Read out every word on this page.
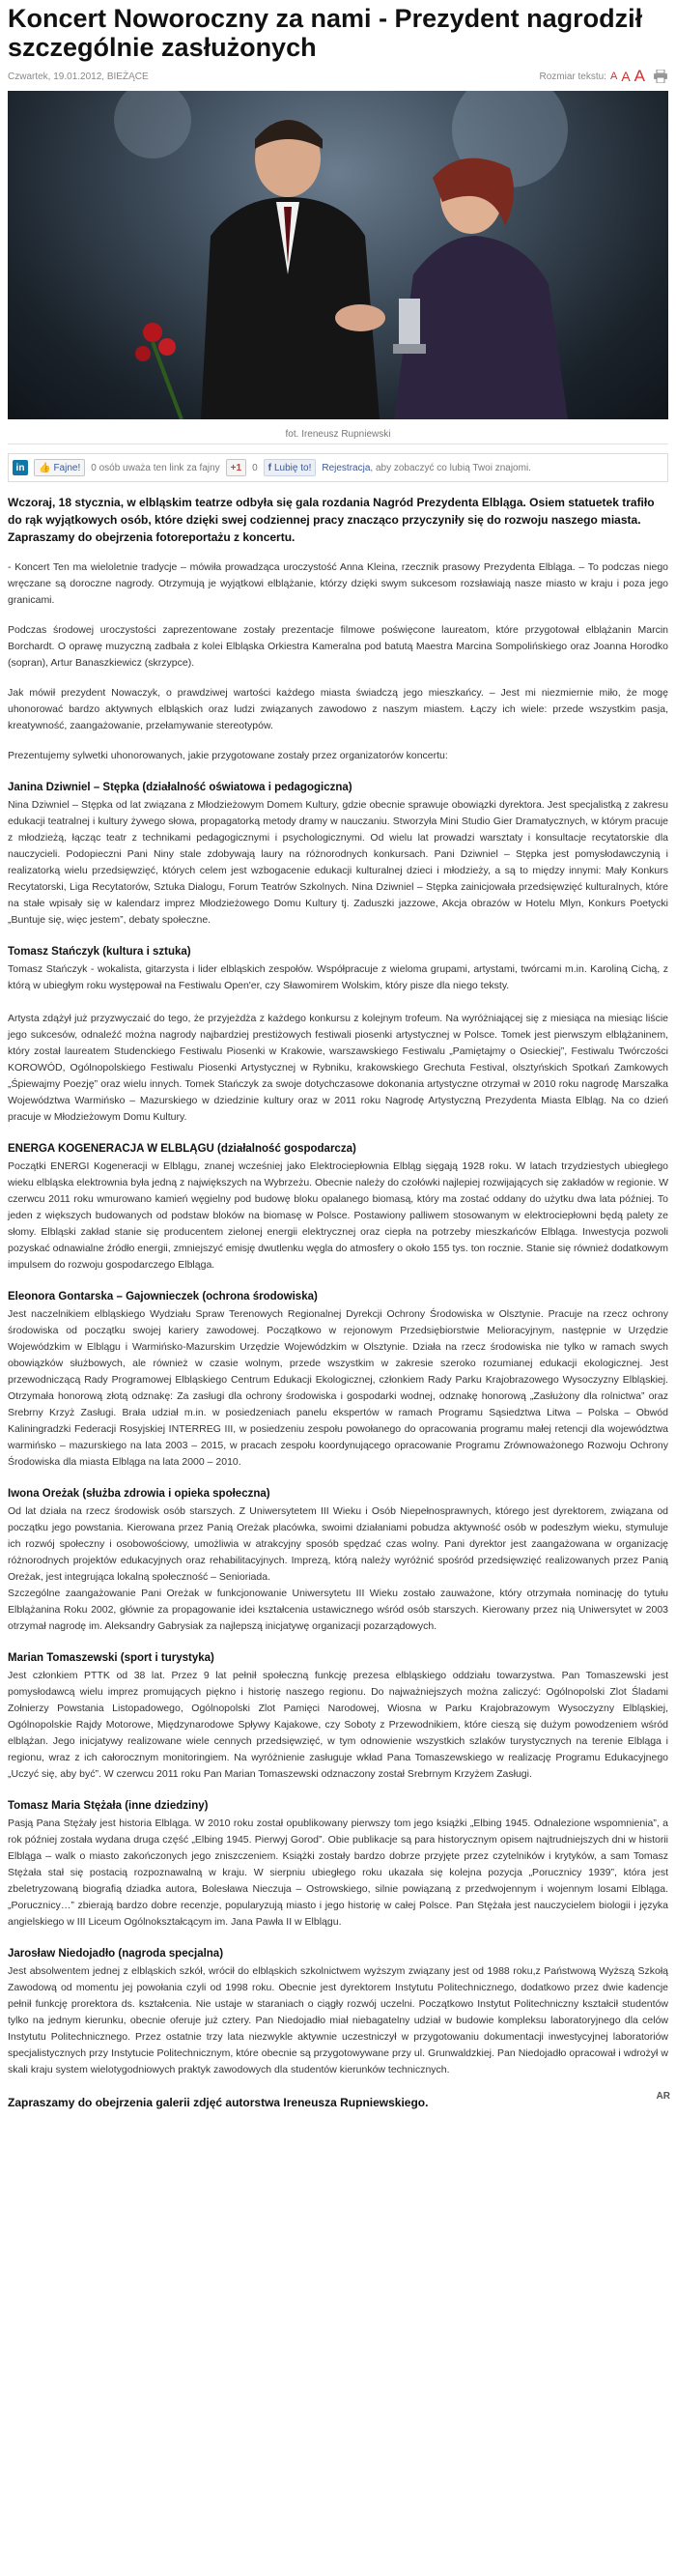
Koncert Noworoczny za nami - Prezydent nagrodził szczególnie zasłużonych
Czwartek, 19.01.2012, BIEŻĄCE	Rozmiar tekstu: A A A
fot. Ireneusz Rupniewski
in	👍 Fajne! 0 osób uważa ten link za fajny	+1	0 f Lubię to! Rejestracja , aby zobaczyć co lubią Twoi znajomi.
Wczoraj, 18 stycznia, w elbląskim teatrze odbyła się gala rozdania Nagród Prezydenta Elbląga. Osiem statuetek trafiło do rąk wyjątkowych osób, które dzięki swej codziennej pracy znacząco przyczyniły się do rozwoju naszego miasta. Zapraszamy do obejrzenia fotoreportażu z koncertu.

- Koncert Ten ma wieloletnie tradycje – mówiła prowadząca uroczystość Anna Kleina, rzecznik prasowy Prezydenta Elbląga. – To podczas niego wręczane są doroczne nagrody. Otrzymują je wyjątkowi elblążanie, którzy dzięki swym sukcesom rozsławiają nasze miasto w kraju i poza jego granicami.

Podczas środowej uroczystości zaprezentowane zostały prezentacje filmowe poświęcone laureatom, które przygotował elblążanin Marcin Borchardt. O oprawę muzyczną zadbała z kolei Elbląska Orkiestra Kameralna pod batutą Maestra Marcina Sompolińskiego oraz Joanna Horodko (sopran), Artur Banaszkiewicz (skrzypce).

Jak mówił prezydent Nowaczyk, o prawdziwej wartości każdego miasta świadczą jego mieszkańcy. – Jest mi niezmiernie miło, że mogę uhonorować bardzo aktywnych elbląskich oraz ludzi związanych zawodowo z naszym miastem. Łączy ich wiele: przede wszystkim pasja, kreatywność, zaangażowanie, przełamywanie stereotypów.

Prezentujemy sylwetki uhonorowanych, jakie przygotowane zostały przez organizatorów koncertu:

Janina Dziwniel – Stępka (działalność oświatowa i pedagogiczna)

Nina Dziwniel – Stępka od lat związana z Młodzieżowym Domem Kultury, gdzie obecnie sprawuje obowiązki dyrektora. Jest specjalistką z zakresu edukacji teatralnej i kultury żywego słowa, propagatorką metody dramy w nauczaniu. Stworzyła Mini Studio Gier Dramatycznych, w którym pracuje z młodzieżą, łącząc teatr z technikami pedagogicznymi i psychologicznymi. Od wielu lat prowadzi warsztaty i konsultacje recytatorskie dla nauczycieli. Podopieczni Pani Niny stale zdobywają laury na różnorodnych konkursach. Pani Dziwniel – Stępka jest pomysłodawczynią i realizatorką wielu przedsięwzięć, których celem jest wzbogacenie edukacji kulturalnej dzieci i młodzieży, a są to między innymi: Mały Konkurs Recytatorski, Liga Recytatorów, Sztuka Dialogu, Forum Teatrów Szkolnych. Nina Dziwniel – Stępka zainicjowała przedsięwzięć kulturalnych, które na stałe wpisały się w kalendarz imprez Młodzieżowego Domu Kultury tj. Zaduszki jazzowe, Akcja obrazów w Hotelu Mlyn, Konkurs Poetycki „Buntuje się, więc jestem”, debaty społeczne.

Tomasz Stańczyk (kultura i sztuka)

Tomasz Stańczyk - wokalista, gitarzysta i lider elbląskich zespołów. Współpracuje z wieloma grupami, artystami, twórcami m.in. Karoliną Cichą, z którą w ubiegłym roku występował na Festiwalu Open'er, czy Sławomirem Wolskim, który pisze dla niego teksty.

Artysta zdążył już przyzwyczaić do tego, że przyjeżdża z każdego konkursu z kolejnym trofeum. Na wyróżniającej się z miesiąca na miesiąc liście jego sukcesów, odnaleźć można nagrody najbardziej prestiżowych festiwali piosenki artystycznej w Polsce. Tomek jest pierwszym elblążaninem, który został laureatem Studenckiego Festiwalu Piosenki w Krakowie, warszawskiego Festiwalu „Pamiętajmy o Osieckiej”, Festiwalu Twórczości KOROWÓD, Ogólnopolskiego Festiwalu Piosenki Artystycznej w Rybniku, krakowskiego Grechuta Festival, olsztyńskich Spotkań Zamkowych „Śpiewajmy Poezję” oraz wielu innych. Tomek Stańczyk za swoje dotychczasowe dokonania artystyczne otrzymał w 2010 roku nagrodę Marszałka Województwa Warmińsko – Mazurskiego w dziedzinie kultury oraz w 2011 roku Nagrodę Artystyczną Prezydenta Miasta Elbląg. Na co dzień pracuje w Młodzieżowym Domu Kultury.

ENERGA KOGENERACJA W ELBLĄGU (działalność gospodarcza)

Początki ENERGI Kogeneracji w Elblągu, znanej wcześniej jako Elektrociepłownia Elbląg sięgają 1928 roku. W latach trzydziestych ubiegłego wieku elbląska elektrownia była jedną z największych na Wybrzeżu. Obecnie należy do czołówki najlepiej rozwijających się zakładów w regionie. W czerwcu 2011 roku wmurowano kamień węgielny pod budowę bloku opalanego biomasą, który ma zostać oddany do użytku dwa lata później. To jeden z większych budowanych od podstaw bloków na biomasę w Polsce. Postawiony palliwem stosowanym w elektrociepłowni będą palety ze słomy. Elbląski zakład stanie się producentem zielonej energii elektrycznej oraz ciepła na potrzeby mieszkańców Elbląga. Inwestycja pozwoli pozyskać odnawialne źródło energii, zmniejszyć emisję dwutlenku węgla do atmosfery o około 155 tys. ton rocznie. Stanie się również dodatkowym impulsem do rozwoju gospodarczego Elbląga.

Eleonora Gontarska – Gajownieczek (ochrona środowiska)

Jest naczelnikiem elbląskiego Wydziału Spraw Terenowych Regionalnej Dyrekcji Ochrony Środowiska w Olsztynie. Pracuje na rzecz ochrony środowiska od początku swojej kariery zawodowej. Początkowo w rejonowym Przedsiębiorstwie Melioracyjnym, następnie w Urzędzie Wojewódzkim w Elblągu i Warmińsko-Mazurskim Urzędzie Wojewódzkim w Olsztynie. Działa na rzecz środowiska nie tylko w ramach swych obowiązków służbowych, ale również w czasie wolnym, przede wszystkim w zakresie szeroko rozumianej edukacji ekologicznej. Jest przewodniczącą Rady Programowej Elbląskiego Centrum Edukacji Ekologicznej, członkiem Rady Parku Krajobrazowego Wysoczyzny Elbląskiej. Otrzymała honorową złotą odznakę: Za zasługi dla ochrony środowiska i gospodarki wodnej, odznakę honorową „Zasłużony dla rolnictwa” oraz Srebrny Krzyż Zasługi. Brała udział m.in. w posiedzeniach panelu ekspertów w ramach Programu Sąsiedztwa Litwa – Polska – Obwód Kaliningradzki Federacji Rosyjskiej INTERREG III, w posiedzeniu zespołu powołanego do opracowania programu małej retencji dla województwa warmińsko – mazurskiego na lata 2003 – 2015, w pracach zespołu koordynującego opracowanie Programu Zrównoważonego Rozwoju Ochrony Środowiska dla miasta Elbląga na lata 2000 – 2010.

Iwona Oreżak (służba zdrowia i opieka społeczna)

Od lat działa na rzecz środowisk osób starszych. Z Uniwersytetem III Wieku i Osób Niepełnosprawnych, którego jest dyrektorem, związana od początku jego powstania. Kierowana przez Panią Oreżak placówka, swoimi działaniami pobudza aktywność osób w podeszłym wieku, stymuluje ich rozwój społeczny i osobowościowy, umożliwia w atrakcyjny sposób spędzać czas wolny. Pani dyrektor jest zaangażowana w organizację różnorodnych projektów edukacyjnych oraz rehabilitacyjnych. Imprezą, którą należy wyróżnić spośród przedsięwzięć realizowanych przez Panią Oreżak, jest integrująca lokalną społeczność – Senioriada.
Szczególne zaangażowanie Pani Oreżak w funkcjonowanie Uniwersytetu III Wieku zostało zauważone, który otrzymała nominację do tytułu Elblążanina Roku 2002, głównie za propagowanie idei kształcenia ustawicznego wśród osób starszych. Kierowany przez nią Uniwersytet w 2003 otrzymał nagrodę im. Aleksandry Gabrysiak za najlepszą inicjatywę organizacji pozarządowych.

Marian Tomaszewski (sport i turystyka)

Jest członkiem PTTK od 38 lat. Przez 9 lat pełnił społeczną funkcję prezesa elbląskiego oddziału towarzystwa. Pan Tomaszewski jest pomysłodawcą wielu imprez promujących piękno i historię naszego regionu. Do najważniejszych można zaliczyć: Ogólnopolski Zlot Śladami Zołnierzy Powstania Listopadowego, Ogólnopolski Zlot Pamięci Narodowej, Wiosna w Parku Krajobrazowym Wysoczyzny Elbląskiej, Ogólnopolskie Rajdy Motorowe, Międzynarodowe Spływy Kajakowe, czy Soboty z Przewodnikiem, które cieszą się dużym powodzeniem wśród elblążan. Jego inicjatywy realizowane wiele cennych przedsięwzięć, w tym odnowienie wszystkich szlaków turystycznych na terenie Elbląga i regionu, wraz z ich całorocznym monitoringiem. Na wyróżnienie zasługuje wkład Pana Tomaszewskiego w realizację Programu Edukacyjnego „Uczyć się, aby być”. W czerwcu 2011 roku Pan Marian Tomaszewski odznaczony został Srebrnym Krzyżem Zasługi.

Tomasz Maria Stężała (inne dziedziny)

Pasją Pana Stężały jest historia Elbląga. W 2010 roku został opublikowany pierwszy tom jego książki „Elbing 1945. Odnalezione wspomnienia”, a rok później została wydana druga część „Elbing 1945. Pierwyj Gorod”. Obie publikacje są para historycznym opisem najtrudniejszych dni w historii Elbląga – walk o miasto zakończonych jego zniszczeniem. Książki zostały bardzo dobrze przyjęte przez czytelników i krytyków, a sam Tomasz Stężała stał się postacią rozpoznawalną w kraju. W sierpniu ubiegłego roku ukazała się kolejna pozycja „Porucznicy 1939”, która jest zbeletryzowaną biografią dziadka autora, Bolesława Nieczuja – Ostrowskiego, silnie powiązaną z przedwojennym i wojennym losami Elbląga. „Porucznicy…” zbierają bardzo dobre recenzje, popularyzują miasto i jego historię w całej Polsce. Pan Stężała jest nauczycielem biologii i języka angielskiego w III Liceum Ogólnokształcącym im. Jana Pawła II w Elblągu.

Jarosław Niedojadło (nagroda specjalna)

Jest absolwentem jednej z elbląskich szkół, wrócił do elbląskich szkolnictwem wyższym związany jest od 1988 roku,z Państwową Wyższą Szkołą Zawodową od momentu jej powołania czyli od 1998 roku. Obecnie jest dyrektorem Instytutu Politechnicznego, dodatkowo przez dwie kadencje pełnił funkcję prorektora ds. kształcenia. Nie ustaje w staraniach o ciągły rozwój uczelni. Początkowo Instytut Politechniczny kształcił studentów tylko na jednym kierunku, obecnie oferuje już cztery. Pan Niedojadło miał niebagatelny udział w budowie kompleksu laboratoryjnego dla celów Instytutu Politechnicznego. Przez ostatnie trzy lata niezwykle aktywnie uczestniczył w przygotowaniu dokumentacji inwestycyjnej laboratoriów specjalistycznych przy Instytucie Politechnicznym, które obecnie są przygotowywane przy ul. Grunwaldzkiej. Pan Niedojadło opracował i wdrożył w skali kraju system wielotygodniowych praktyk zawodowych dla studentów kierunków technicznych.

Zapraszamy do obejrzenia galerii zdjęć autorstwa Ireneusza Rupniewskiego.	AR
